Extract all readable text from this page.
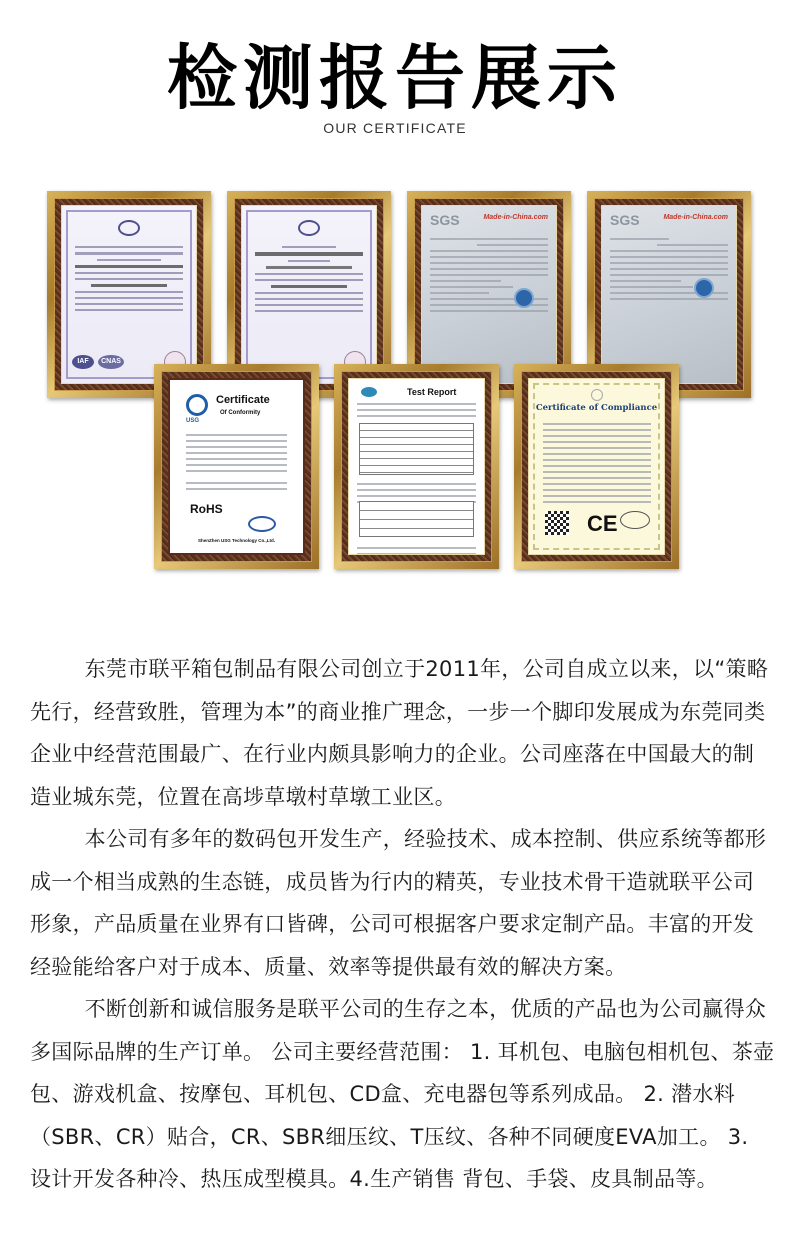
检测报告展示
OUR CERTIFICATE
IAF	CNAS
SGS	Made-in-China.com	SGS	Made-in-China.com
USG
Certificate
Of Conformity
RoHS
ShenZhen USG Technology Co.,Ltd.
Test Report
Certificate of Compliance
CE

东莞市联平箱包制品有限公司创立于2011年，公司自成立以来，以“策略先行，经营致胜，管理为本”的商业推广理念，一步一个脚印发展成为东莞同类企业中经营范围最广、在行业内颇具影响力的企业。公司座落在中国最大的制造业城东莞，位置在高埗草墩村草墩工业区。

本公司有多年的数码包开发生产，经验技术、成本控制、供应系统等都形成一个相当成熟的生态链，成员皆为行内的精英，专业技术骨干造就联平公司形象，产品质量在业界有口皆碑，公司可根据客户要求定制产品。丰富的开发经验能给客户对于成本、质量、效率等提供最有效的解决方案。

不断创新和诚信服务是联平公司的生存之本，优质的产品也为公司赢得众多国际品牌的生产订单。 公司主要经营范围： 1. 耳机包、电脑包相机包、茶壶包、游戏机盒、按摩包、耳机包、CD盒、充电器包等系列成品。 2. 潜水料（SBR、CR）贴合，CR、SBR细压纹、T压纹、各种不同硬度EVA加工。 3. 设计开发各种冷、热压成型模具。4.生产销售 背包、手袋、皮具制品等。
